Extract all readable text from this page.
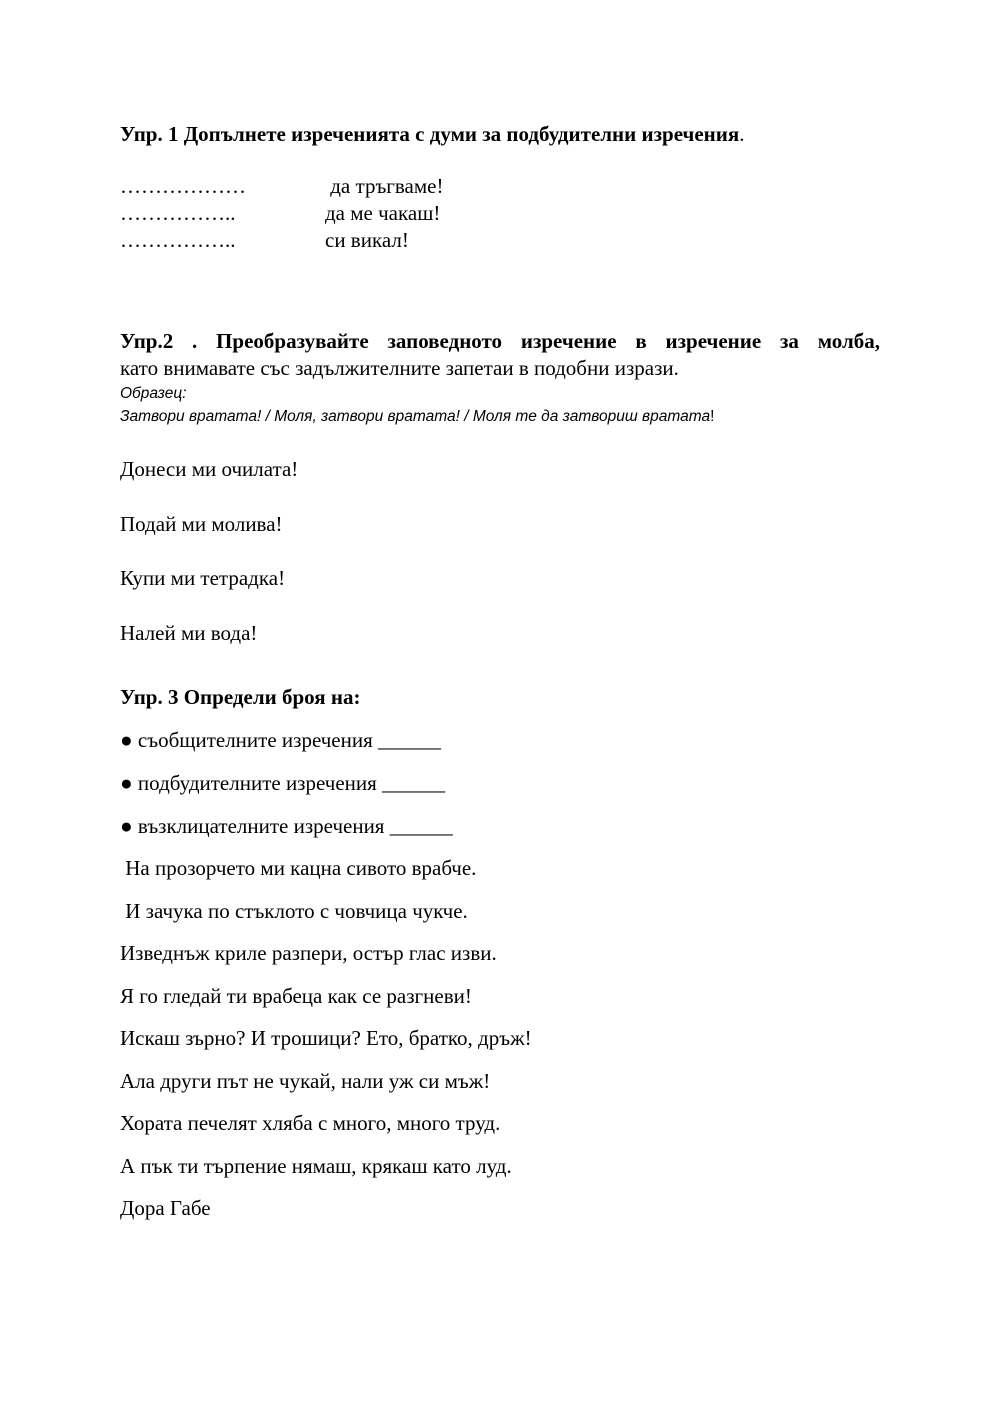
Упр. 1 Допълнете изреченията с думи за подбудителни изречения.
………………	да тръгваме!
……………..	да ме чакаш!
……………..	си викал!
Упр.2 . Преобразувайте заповедното изречение в изречение за молба,
като внимавате със задължителните запетаи в подобни изрази.
Образец:
Затвори вратата! / Моля, затвори вратата! / Моля те да затвориш вратата!
Донеси ми очилата!
Подай ми молива!
Купи ми тетрадка!
Налей ми вода!
Упр. 3 Определи броя на:
● съобщителните изречения ______
● подбудителните изречения ______
● възклицателните изречения ______
На прозорчето ми кацна сивото врабче.
И зачука по стъклото с човчица чукче.
Изведнъж криле разпери, остър глас изви.
Я го гледай ти врабеца как се разгневи!
Искаш зърно? И трошици? Ето, братко, дръж!
Ала други път не чукай, нали уж си мъж!
Хората печелят хляба с много, много труд.
А пък ти търпение нямаш, крякаш като луд.
Дора Габе
